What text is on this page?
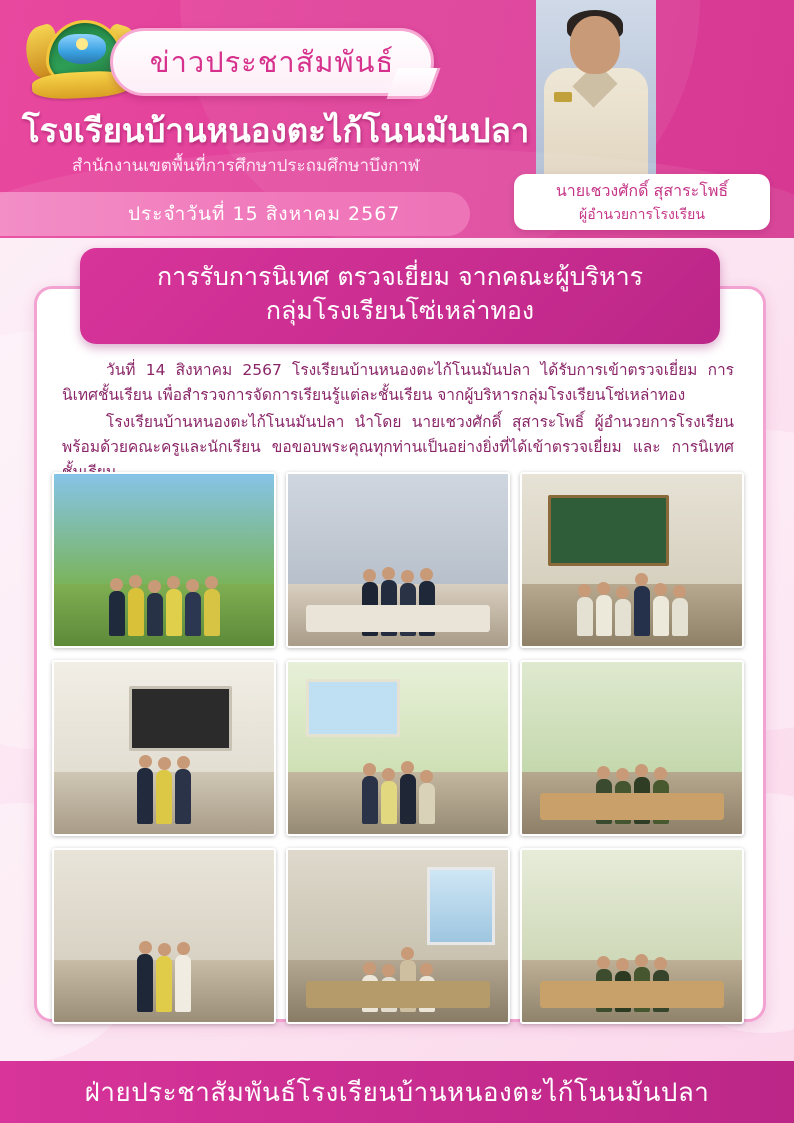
ข่าวประชาสัมพันธ์
โรงเรียนบ้านหนองตะไก้โนนมันปลา
สำนักงานเขตพื้นที่การศึกษาประถมศึกษาบึงกาฬ
ประจำวันที่ 15 สิงหาคม 2567
นายเชวงศักดิ์ สุสาระโพธิ์
ผู้อำนวยการโรงเรียน
การรับการนิเทศ ตรวจเยี่ยม จากคณะผู้บริหาร
กลุ่มโรงเรียนโซ่เหล่าทอง

วันที่ 14 สิงหาคม 2567 โรงเรียนบ้านหนองตะไก้โนนมันปลา ได้รับการเข้าตรวจเยี่ยม การนิเทศชั้นเรียน เพื่อสำรวจการจัดการเรียนรู้แต่ละชั้นเรียน จากผู้บริหารกลุ่มโรงเรียนโซ่เหล่าทอง

โรงเรียนบ้านหนองตะไก้โนนมันปลา นำโดย นายเชวงศักดิ์ สุสาระโพธิ์ ผู้อำนวยการโรงเรียน พร้อมด้วยคณะครูและนักเรียน ขอขอบพระคุณทุกท่านเป็นอย่างยิ่งที่ได้เข้าตรวจเยี่ยม และ การนิเทศ

ฝ่ายประชาสัมพันธ์โรงเรียนบ้านหนองตะไก้โนนมันปลา
